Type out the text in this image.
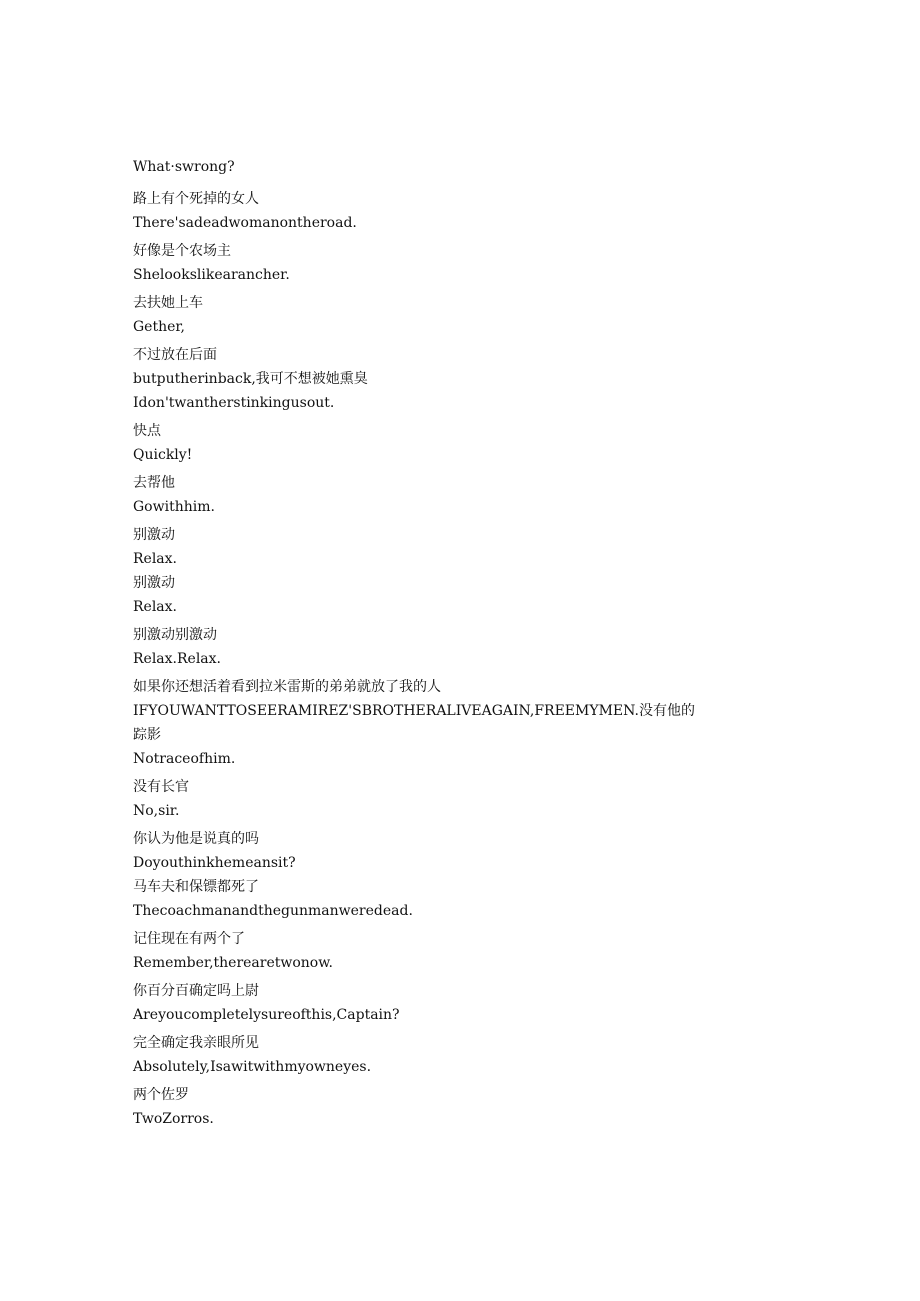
What·swrong?
路上有个死掉的女人
There'sadeadwomanontheroad.
好像是个农场主
Shelookslikearancher.
去扶她上车
Gether,
不过放在后面
butputherinback,我可不想被她熏臭
Idon'twantherstinkingusout.
快点
Quickly!
去帮他
Gowithhim.
别激动
Relax.
别激动
Relax.
别激动别激动
Relax.Relax.
如果你还想活着看到拉米雷斯的弟弟就放了我的人
IFYOUWANTTOSEERAMIREZ'SBROTHERALIVEAGAIN,FREEMYMEN.没有他的
踪影
Notraceofhim.
没有长官
No,sir.
你认为他是说真的吗
Doyouthinkhemeansit?
马车夫和保镖都死了
Thecoachmanandthegunmanweredead.
记住现在有两个了
Remember,therearetwonow.
你百分百确定吗上尉
Areyoucompletelysureofthis,Captain?
完全确定我亲眼所见
Absolutely,Isawitwithmyowneyes.
两个佐罗
TwoZorros.
